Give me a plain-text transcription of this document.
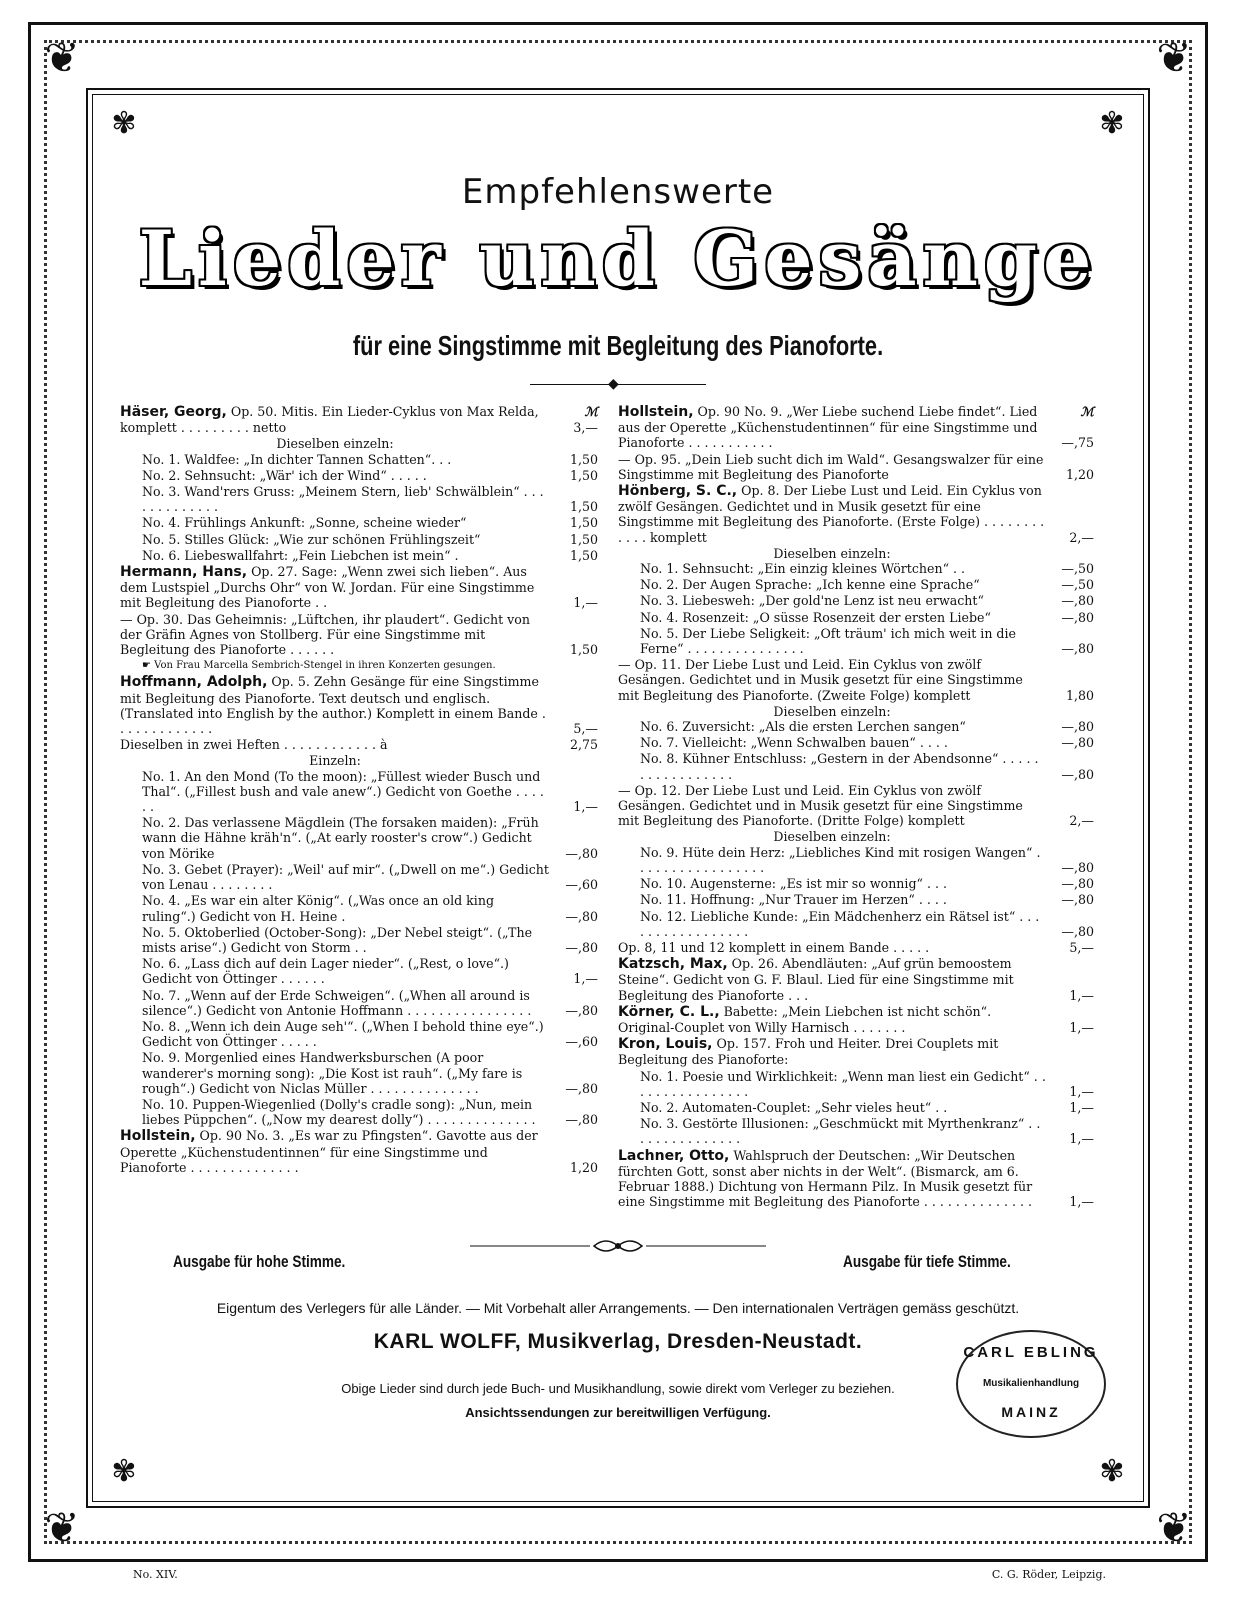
❦	❦
❦	❦
✾	✾
✾	✾
Empfehlenswerte
Lieder und Gesänge
für eine Singstimme mit Begleitung des Pianoforte.
◆
ℳ
Häser, Georg, Op. 50. Mitis. Ein Lieder-Cyklus von Max Relda, komplett . . . . . . . . . netto	3,—
Dieselben einzeln:
No. 1. Waldfee: „In dichter Tannen Schatten“. . .	1,50
No. 2. Sehnsucht: „Wär' ich der Wind“ . . . . .	1,50
No. 3. Wand'rers Gruss: „Meinem Stern, lieb' Schwälblein“ . . . . . . . . . . . . .	1,50
No. 4. Frühlings Ankunft: „Sonne, scheine wieder“	1,50
No. 5. Stilles Glück: „Wie zur schönen Frühlingszeit“	1,50
No. 6. Liebeswallfahrt: „Fein Liebchen ist mein“ .	1,50
Hermann, Hans, Op. 27. Sage: „Wenn zwei sich lieben“. Aus dem Lustspiel „Durchs Ohr“ von W. Jordan. Für eine Singstimme mit Begleitung des Pianoforte . .	1,—
— Op. 30. Das Geheimnis: „Lüftchen, ihr plaudert“. Gedicht von der Gräfin Agnes von Stollberg. Für eine Singstimme mit Begleitung des Pianoforte . . . . . .	1,50
☛ Von Frau Marcella Sembrich-Stengel in ihren Konzerten gesungen.
Hoffmann, Adolph, Op. 5. Zehn Gesänge für eine Singstimme mit Begleitung des Pianoforte. Text deutsch und englisch. (Translated into English by the author.) Komplett in einem Bande . . . . . . . . . . . . .	5,—
Dieselben in zwei Heften . . . . . . . . . . . . à	2,75
Einzeln:
No. 1. An den Mond (To the moon): „Füllest wieder Busch und Thal“. („Fillest bush and vale anew“.) Gedicht von Goethe . . . . . .	1,—
No. 2. Das verlassene Mägdlein (The forsaken maiden): „Früh wann die Hähne kräh'n“. („At early rooster's crow“.) Gedicht von Mörike	—,80
No. 3. Gebet (Prayer): „Weil' auf mir“. („Dwell on me“.) Gedicht von Lenau . . . . . . . .	—,60
No. 4. „Es war ein alter König“. („Was once an old king ruling“.) Gedicht von H. Heine .	—,80
No. 5. Oktoberlied (October-Song): „Der Nebel steigt“. („The mists arise“.) Gedicht von Storm . .	—,80
No. 6. „Lass dich auf dein Lager nieder“. („Rest, o love“.) Gedicht von Öttinger . . . . . .	1,—
No. 7. „Wenn auf der Erde Schweigen“. („When all around is silence“.) Gedicht von Antonie Hoffmann . . . . . . . . . . . . . . . .	—,80
No. 8. „Wenn ich dein Auge seh'“. („When I behold thine eye“.) Gedicht von Öttinger . . . . .	—,60
No. 9. Morgenlied eines Handwerksburschen (A poor wanderer's morning song): „Die Kost ist rauh“. („My fare is rough“.) Gedicht von Niclas Müller . . . . . . . . . . . . . .	—,80
No. 10. Puppen-Wiegenlied (Dolly's cradle song): „Nun, mein liebes Püppchen“. („Now my dearest dolly“) . . . . . . . . . . . . . .	—,80
Hollstein, Op. 90 No. 3. „Es war zu Pfingsten“. Gavotte aus der Operette „Küchenstudentinnen“ für eine Singstimme und Pianoforte . . . . . . . . . . . . . .	1,20
ℳ
Hollstein, Op. 90 No. 9. „Wer Liebe suchend Liebe findet“. Lied aus der Operette „Küchenstudentinnen“ für eine Singstimme und Pianoforte . . . . . . . . . . .	—,75
— Op. 95. „Dein Lieb sucht dich im Wald“. Gesangswalzer für eine Singstimme mit Begleitung des Pianoforte	1,20
Hönberg, S. C., Op. 8. Der Liebe Lust und Leid. Ein Cyklus von zwölf Gesängen. Gedichtet und in Musik gesetzt für eine Singstimme mit Begleitung des Pianoforte. (Erste Folge) . . . . . . . . . . . . komplett	2,—
Dieselben einzeln:
No. 1. Sehnsucht: „Ein einzig kleines Wörtchen“ . .	—,50
No. 2. Der Augen Sprache: „Ich kenne eine Sprache“	—,50
No. 3. Liebesweh: „Der gold'ne Lenz ist neu erwacht“	—,80
No. 4. Rosenzeit: „O süsse Rosenzeit der ersten Liebe“	—,80
No. 5. Der Liebe Seligkeit: „Oft träum' ich mich weit in die Ferne“ . . . . . . . . . . . . . . .	—,80
— Op. 11. Der Liebe Lust und Leid. Ein Cyklus von zwölf Gesängen. Gedichtet und in Musik gesetzt für eine Singstimme mit Begleitung des Pianoforte. (Zweite Folge) komplett	1,80
Dieselben einzeln:
No. 6. Zuversicht: „Als die ersten Lerchen sangen“	—,80
No. 7. Vielleicht: „Wenn Schwalben bauen“ . . . .	—,80
No. 8. Kühner Entschluss: „Gestern in der Abendsonne“ . . . . . . . . . . . . . . . . .	—,80
— Op. 12. Der Liebe Lust und Leid. Ein Cyklus von zwölf Gesängen. Gedichtet und in Musik gesetzt für eine Singstimme mit Begleitung des Pianoforte. (Dritte Folge) komplett	2,—
Dieselben einzeln:
No. 9. Hüte dein Herz: „Liebliches Kind mit rosigen Wangen“ . . . . . . . . . . . . . . . . .	—,80
No. 10. Augensterne: „Es ist mir so wonnig“ . . .	—,80
No. 11. Hoffnung: „Nur Trauer im Herzen“ . . . .	—,80
No. 12. Liebliche Kunde: „Ein Mädchenherz ein Rätsel ist“ . . . . . . . . . . . . . . . . .	—,80
Op. 8, 11 und 12 komplett in einem Bande . . . . .	5,—
Katzsch, Max, Op. 26. Abendläuten: „Auf grün bemoostem Steine“. Gedicht von G. F. Blaul. Lied für eine Singstimme mit Begleitung des Pianoforte . . .	1,—
Körner, C. L., Babette: „Mein Liebchen ist nicht schön“. Original-Couplet von Willy Harnisch . . . . . . .	1,—
Kron, Louis, Op. 157. Froh und Heiter. Drei Couplets mit Begleitung des Pianoforte:
No. 1. Poesie und Wirklichkeit: „Wenn man liest ein Gedicht“ . . . . . . . . . . . . . . . .	1,—
No. 2. Automaten-Couplet: „Sehr vieles heut“ . .	1,—
No. 3. Gestörte Illusionen: „Geschmückt mit Myrthenkranz“ . . . . . . . . . . . . . . .	1,—
Lachner, Otto, Wahlspruch der Deutschen: „Wir Deutschen fürchten Gott, sonst aber nichts in der Welt“. (Bismarck, am 6. Februar 1888.) Dichtung von Hermann Pilz. In Musik gesetzt für eine Singstimme mit Begleitung des Pianoforte . . . . . . . . . . . . . .	1,—
Ausgabe für hohe Stimme.	Ausgabe für tiefe Stimme.
Eigentum des Verlegers für alle Länder. — Mit Vorbehalt aller Arrangements. — Den internationalen Verträgen gemäss geschützt.
KARL WOLFF, Musikverlag, Dresden-Neustadt.
Obige Lieder sind durch jede Buch- und Musikhandlung, sowie direkt vom Verleger zu beziehen.
Ansichtssendungen zur bereitwilligen Verfügung.
CARL EBLING
Musikalienhandlung
MAINZ
No. XIV.	C. G. Röder, Leipzig.
